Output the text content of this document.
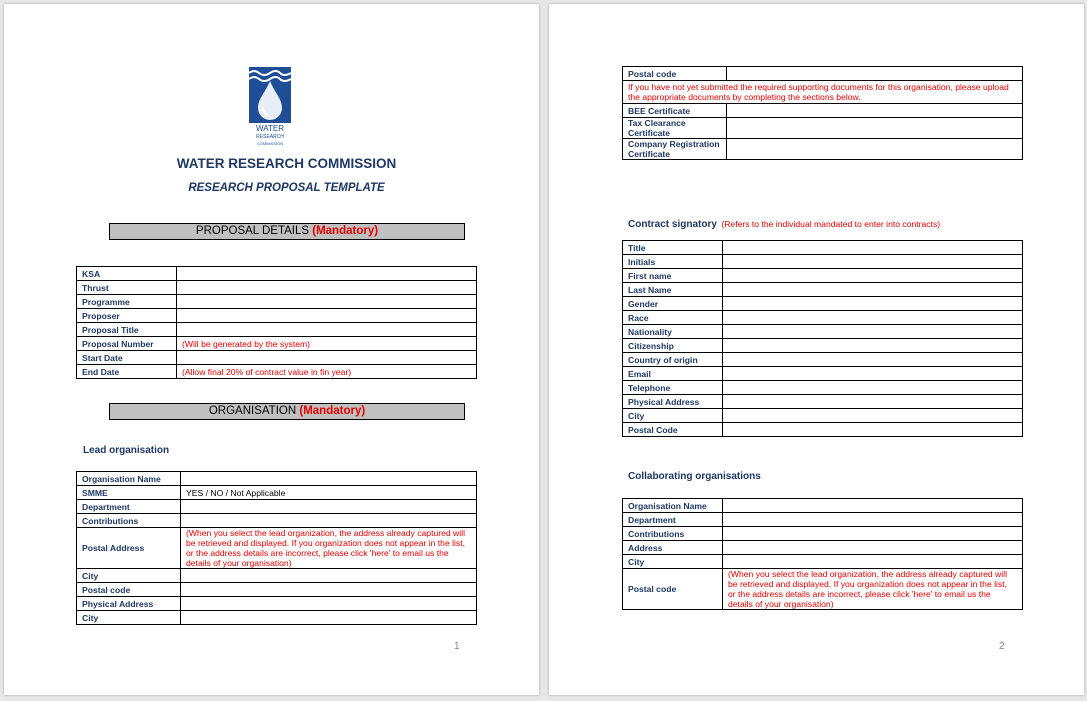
WATER
RESEARCH
COMMISSION
WATER RESEARCH COMMISSION
RESEARCH PROPOSAL TEMPLATE
PROPOSAL DETAILS (Mandatory)
KSA	
Thrust	
Programme	
Proposer	
Proposal Title	
Proposal Number	(Will be generated by the system)
Start Date	
End Date	(Allow final 20% of contract value in fin year)
ORGANISATION (Mandatory)
Lead organisation
Organisation Name	
SMME	YES / NO / Not Applicable
Department	
Contributions	
Postal Address	(When you select the lead organization, the address already captured will be retrieved and displayed. If you organization does not appear in the list, or the address details are incorrect, please click 'here' to email us the details of your organisation)
City	
Postal code	
Physical Address	
City	
1
Postal code	
If you have not yet submitted the required supporting documents for this organisation, please upload the appropriate documents by completing the sections below.	
BEE Certificate	
Tax Clearance Certificate	
Company Registration Certificate	
Contract signatory (Refers to the individual mandated to enter into contracts)
Title	
Initials	
First name	
Last Name	
Gender	
Race	
Nationality	
Citizenship	
Country of origin	
Email	
Telephone	
Physical Address	
City	
Postal Code	
Collaborating organisations
Organisation Name	
Department	
Contributions	
Address	
City	
Postal code	(When you select the lead organization, the address already captured will be retrieved and displayed. If you organization does not appear in the list, or the address details are incorrect, please click 'here' to email us the details of your organisation)
2
